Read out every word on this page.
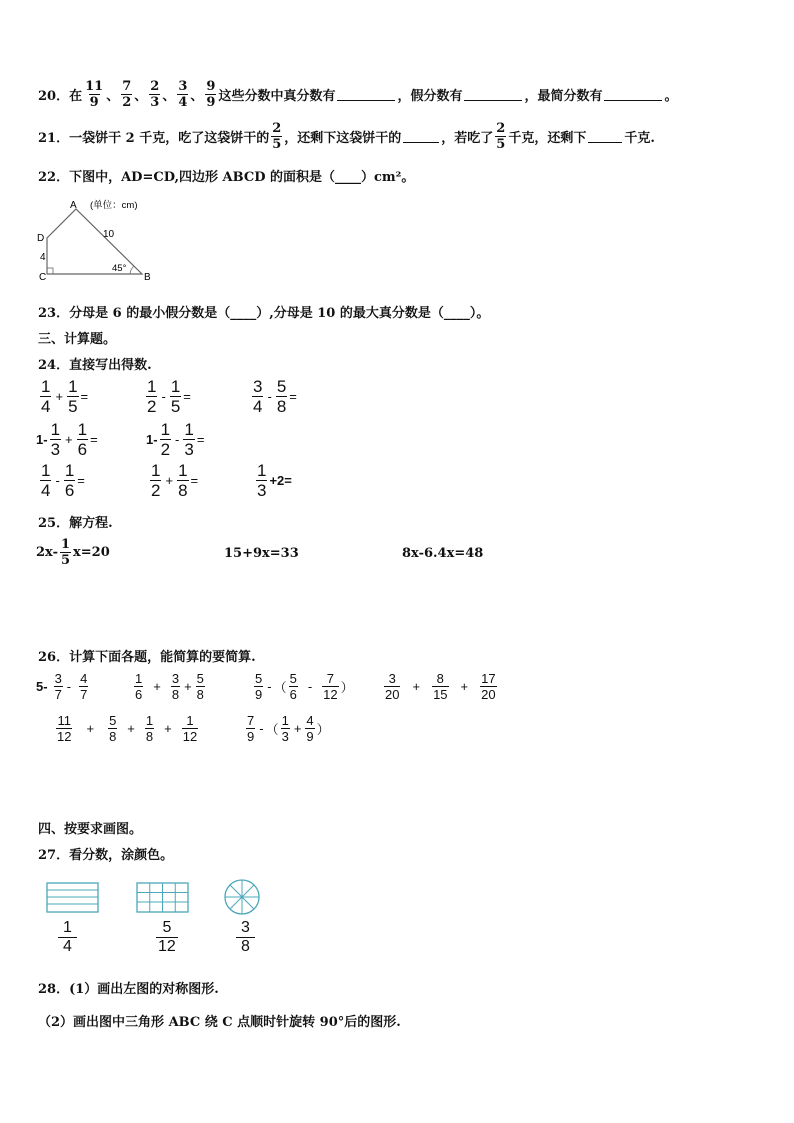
20．在 $\frac{11}{9}$ 、 $\frac{7}{2}$ 、 $\frac{2}{3}$ 、 $\frac{3}{4}$ 、 $\frac{9}{9}$ 这些分数中真分数有	，假分数有	，最简分数有	。
21．一袋饼干 2 千克，吃了这袋饼干的 $\frac{2}{5}$ ，还剩下这袋饼干的	，若吃了 $\frac{2}{5}$ 千克，还剩下	千克.
22．下图中，AD=CD,四边形 ABCD 的面积是（____）cm²。
A (单位：cm)
10
D
4
C
45°
B
23．分母是 6 的最小假分数是（____）,分母是 10 的最大真分数是（____）。
三、计算题。
24．直接写出得数.
$\frac{1}{4} + \frac{1}{5}$ =	$\frac{1}{2} - \frac{1}{5}$ =	$\frac{3}{4} - \frac{5}{8}$ =
$1- \frac{1}{3} + \frac{1}{6}$ =	$1- \frac{1}{2} - \frac{1}{3}$ =
$\frac{1}{4} - \frac{1}{6}$ =	$\frac{1}{2} + \frac{1}{8}$ =	$\frac{1}{3} +2=$
25．解方程.
$2x- \frac{1}{5} x=20$	15+9x=33	8x-6.4x=48
26．计算下面各题，能简算的要简算.
$5- \frac{3}{7} - \frac{4}{7}$	$\frac{1}{6} + \frac{3}{8} + \frac{5}{8}$	$\frac{5}{9}$ - （ $\frac{5}{6} - \frac{7}{12}$ ） $\frac{3}{20} + \frac{8}{15} + \frac{17}{20}$
$\frac{11}{12} + \frac{5}{8} + \frac{1}{8} + \frac{1}{12}$	$\frac{7}{9}$ - （ $\frac{1}{3} + \frac{4}{9}$ ）
四、按要求画图。
27．看分数，涂颜色。
$\frac{1}{4}$	$\frac{5}{12}$	$\frac{3}{8}$
28．(1）画出左图的对称图形.
（2）画出图中三角形 ABC 绕 C 点顺时针旋转 90°后的图形.
